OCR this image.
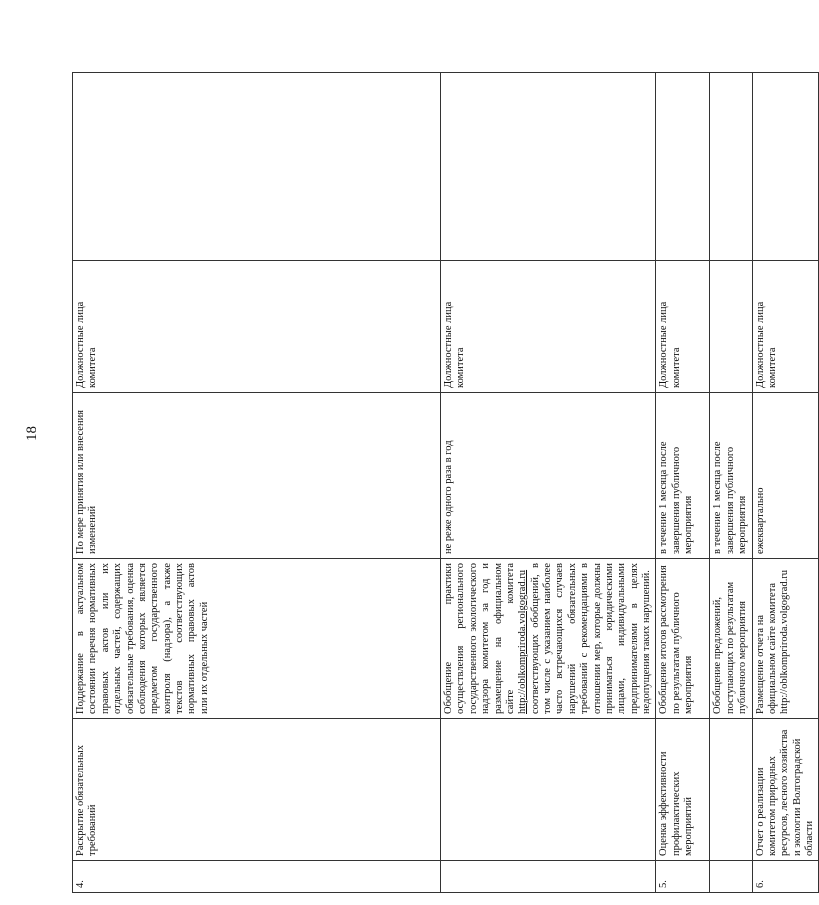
18
4.	Раскрытие обязательных требований	Поддержание в актуальном состоянии перечня нормативных правовых актов или их отдельных частей, содержащих обязательные требования, оценка соблюдения которых является предметом государственного контроля (надзора), а также текстов соответствующих нормативных правовых актов или их отдельных частей	По мере принятия или внесения изменений	Должностные лица комитета	
		Обобщение практики осуществления регионального государственного экологического надзора комитетом за год и размещение на официальном сайте комитета http://oblkompriroda.volgograd.ru соответствующих обобщений, в том числе с указанием наиболее часто встречающихся случаев нарушений обязательных требований с рекомендациями в отношении мер, которые должны приниматься юридическими лицами, индивидуальными предпринимателями в целях недопущения таких нарушений.	не реже одного раза в год	Должностные лица комитета	
5.	Оценка эффективности профилактических мероприятий	Обобщение итогов рассмотрения по результатам публичного мероприятия	в течение 1 месяца после завершения публичного мероприятия	Должностные лица комитета	
		Обобщение предложений, поступающих по результатам публичного мероприятия	в течение 1 месяца после завершения публичного мероприятия		
6.	Отчет о реализации комитетом природных ресурсов, лесного хозяйства и экологии Волгоградской области	Размещение отчета на официальном сайте комитета http://oblkompriroda.volgograd.ru	ежеквартально	Должностные лица комитета	
